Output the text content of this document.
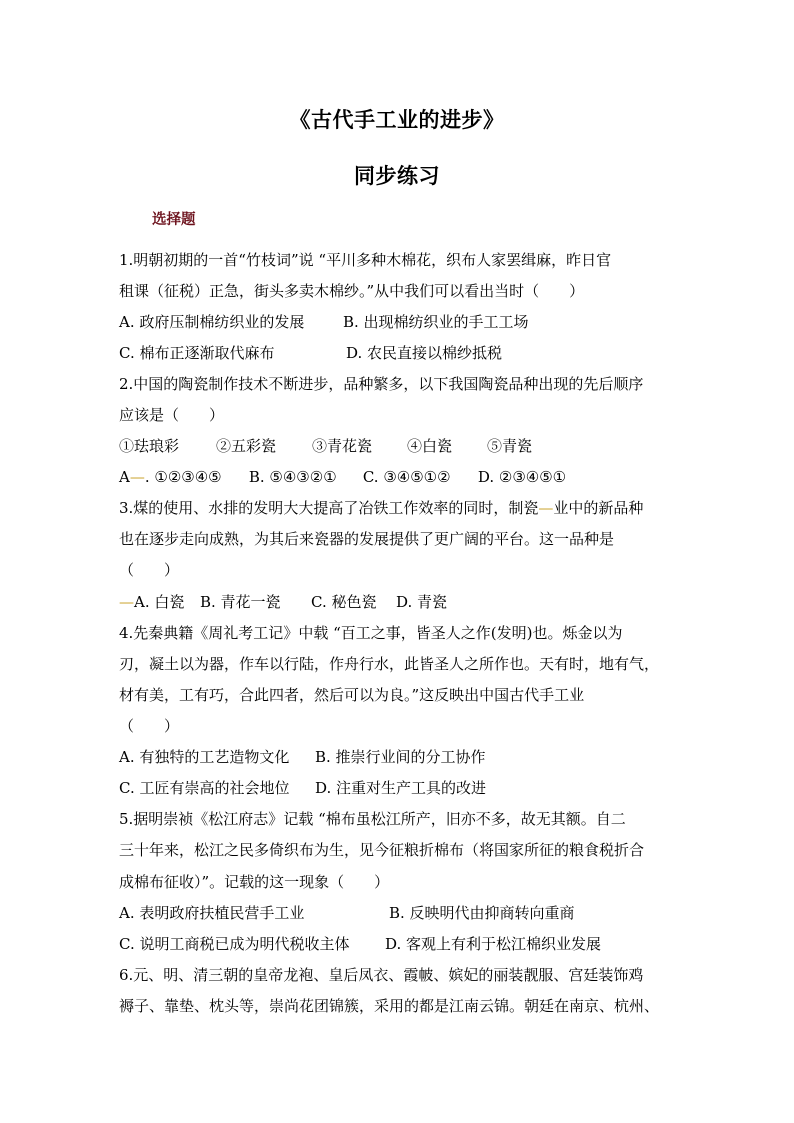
《古代手工业的进步》
同步练习
选择题
1.明朝初期的一首“竹枝词”说 “平川多种木棉花，织布人家罢缉麻，昨日官
租课（征税）正急，街头多卖木棉纱。”从中我们可以看出当时（　　）
A. 政府压制棉纺织业的发展	B. 出现棉纺织业的手工工场
C. 棉布正逐渐取代麻布	D. 农民直接以棉纱抵税
2.中国的陶瓷制作技术不断进步，品种繁多，以下我国陶瓷品种出现的先后顺序
应该是（　　）
①珐琅彩 ②五彩瓷 ③青花瓷 ④白瓷 ⑤青瓷
A—. ①②③④⑤ B. ⑤④③②① C. ③④⑤①② D. ②③④⑤①
3.煤的使用、水排的发明大大提高了冶铁工作效率的同时，制瓷—业中的新品种
也在逐步走向成熟，为其后来瓷器的发展提供了更广阔的平台。这一品种是
（　　）
—A. 白瓷 B. 青花一瓷 C. 秘色瓷 D. 青瓷
4.先秦典籍《周礼考工记》中载 “百工之事，皆圣人之作(发明)也。烁金以为
刃，凝土以为器，作车以行陆，作舟行水，此皆圣人之所作也。天有时，地有气，
材有美，工有巧，合此四者，然后可以为良。”这反映出中国古代手工业
（　　）
A. 有独特的工艺造物文化 B. 推崇行业间的分工协作
C. 工匠有崇高的社会地位 D. 注重对生产工具的改进
5.据明崇祯《松江府志》记载 “棉布虽松江所产，旧亦不多，故无其额。自二
三十年来，松江之民多倚织布为生，见今征粮折棉布（将国家所征的粮食税折合
成棉布征收）”。记载的这一现象（　　）
A. 表明政府扶植民营手工业	B. 反映明代由抑商转向重商
C. 说明工商税已成为明代税收主体 D. 客观上有利于松江棉织业发展
6.元、明、清三朝的皇帝龙袍、皇后凤衣、霞帔、嫔妃的丽装靓服、宫廷装饰鸡
褥子、靠垫、枕头等，崇尚花团锦簇，采用的都是江南云锦。朝廷在南京、杭州、
